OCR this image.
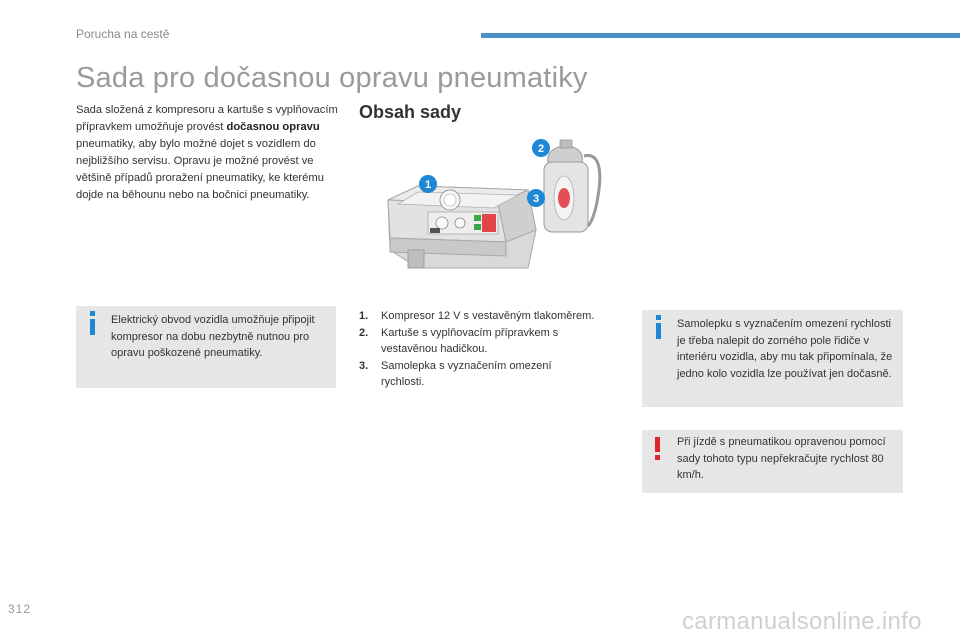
Porucha na cestě
Sada pro dočasnou opravu pneumatiky
Sada složená z kompresoru a kartuše s vyplňovacím přípravkem umožňuje provést dočasnou opravu pneumatiky, aby bylo možné dojet s vozidlem do nejbližšího servisu. Opravu je možné provést ve většině případů proražení pneumatiky, ke kterému dojde na běhounu nebo na bočnici pneumatiky.
Obsah sady
1
2
3
Elektrický obvod vozidla umožňuje připojit kompresor na dobu nezbytně nutnou pro opravu poškozené pneumatiky.
1.	Kompresor 12 V s vestavěným tlakoměrem.
2.	Kartuše s vyplňovacím přípravkem s vestavěnou hadičkou.
3.	Samolepka s vyznačením omezení rychlosti.
Samolepku s vyznačením omezení rychlosti je třeba nalepit do zorného pole řidiče v interiéru vozidla, aby mu tak připomínala, že jedno kolo vozidla lze používat jen dočasně.
Při jízdě s pneumatikou opravenou pomocí sady tohoto typu nepřekračujte rychlost 80 km/h.
312	carmanualsonline.info
